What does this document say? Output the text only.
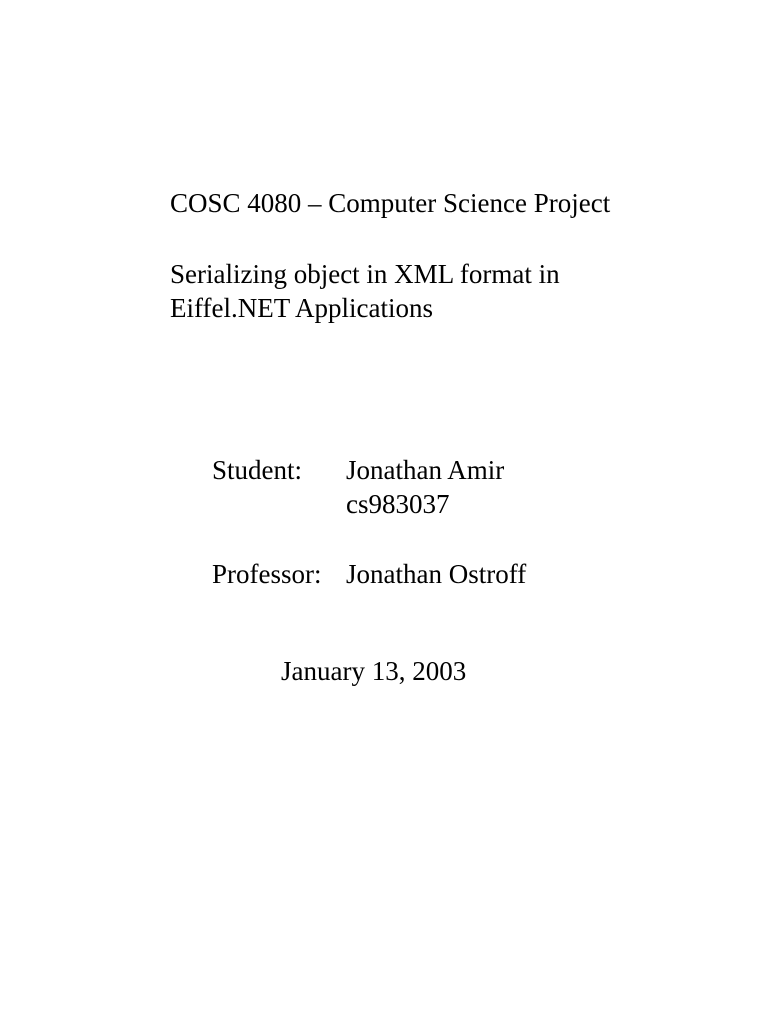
COSC 4080 – Computer Science Project
Serializing object in XML format in
Eiffel.NET Applications
Student: Jonathan Amir
cs983037
Professor: Jonathan Ostroff
January 13, 2003
